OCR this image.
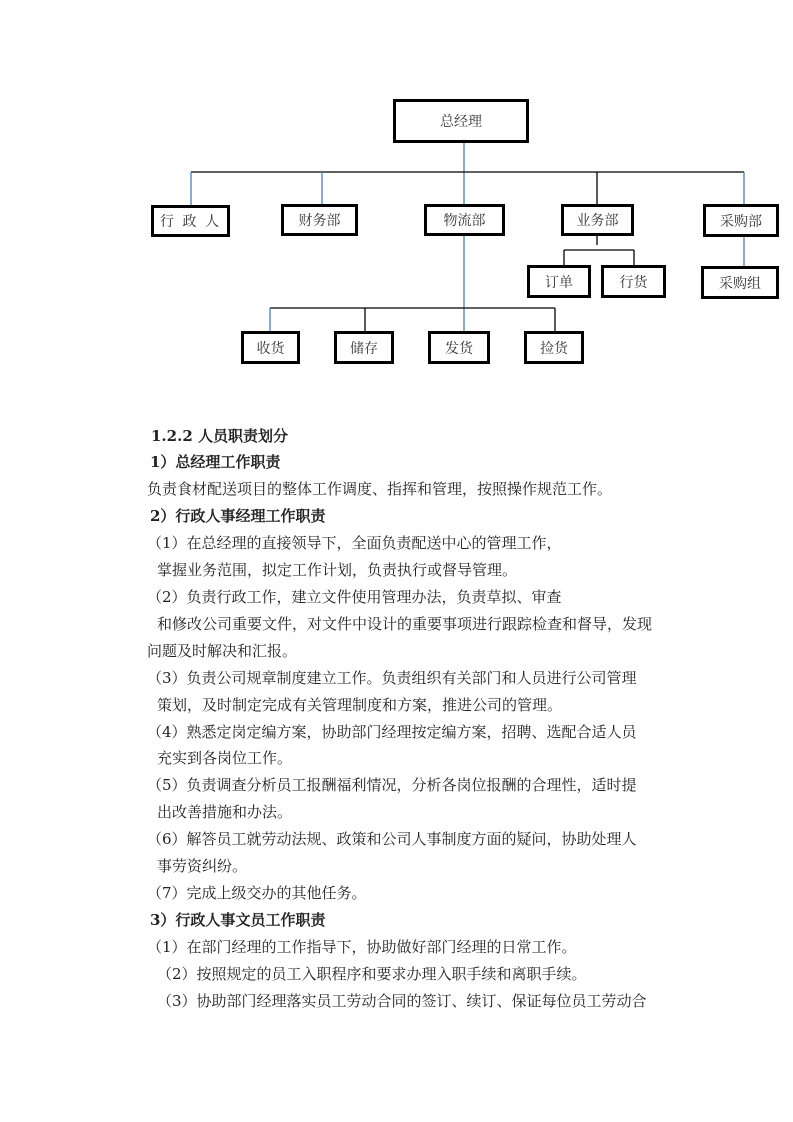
总经理
行 政 人	财务部	物流部	业务部	采购部
订单	行货	采购组
收货	储存	发货	捡货
1.2.2 人员职责划分
1）总经理工作职责
负责食材配送项目的整体工作调度、指挥和管理，按照操作规范工作。
2）行政人事经理工作职责
（1）在总经理的直接领导下，全面负责配送中心的管理工作，
掌握业务范围，拟定工作计划，负责执行或督导管理。
（2）负责行政工作，建立文件使用管理办法，负责草拟、审查
和修改公司重要文件，对文件中设计的重要事项进行跟踪检查和督导，发现
问题及时解决和汇报。
（3）负责公司规章制度建立工作。负责组织有关部门和人员进行公司管理
策划，及时制定完成有关管理制度和方案，推进公司的管理。
（4）熟悉定岗定编方案，协助部门经理按定编方案，招聘、选配合适人员
充实到各岗位工作。
（5）负责调查分析员工报酬福利情况，分析各岗位报酬的合理性，适时提
出改善措施和办法。
（6）解答员工就劳动法规、政策和公司人事制度方面的疑问，协助处理人
事劳资纠纷。
（7）完成上级交办的其他任务。
3）行政人事文员工作职责
（1）在部门经理的工作指导下，协助做好部门经理的日常工作。
（2）按照规定的员工入职程序和要求办理入职手续和离职手续。
（3）协助部门经理落实员工劳动合同的签订、续订、保证每位员工劳动合
